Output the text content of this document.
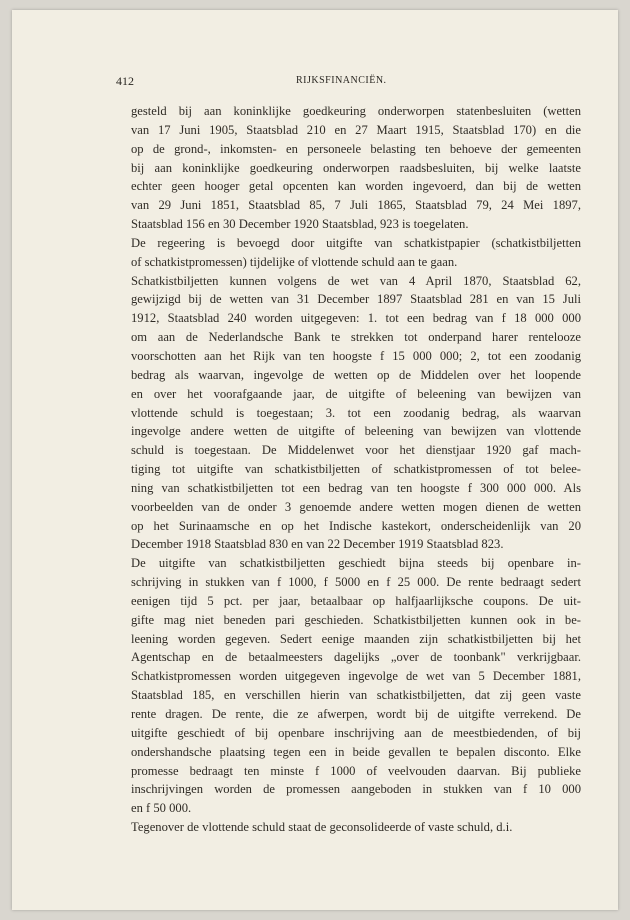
412	RIJKSFINANCIËN.
gesteld bij aan koninklijke goedkeuring onderworpen statenbesluiten (wetten
van 17 Juni 1905, Staatsblad 210 en 27 Maart 1915, Staatsblad 170) en die
op de grond-, inkomsten- en personeele belasting ten behoeve der gemeenten
bij aan koninklijke goedkeuring onderworpen raadsbesluiten, bij welke laatste
echter geen hooger getal opcenten kan worden ingevoerd, dan bij de wetten
van 29 Juni 1851, Staatsblad 85, 7 Juli 1865, Staatsblad 79, 24 Mei 1897,
Staatsblad 156 en 30 December 1920 Staatsblad, 923 is toegelaten.
De regeering is bevoegd door uitgifte van schatkistpapier (schatkistbiljetten
of schatkistpromessen) tijdelijke of vlottende schuld aan te gaan.
Schatkistbiljetten kunnen volgens de wet van 4 April 1870, Staatsblad 62,
gewijzigd bij de wetten van 31 December 1897 Staatsblad 281 en van 15 Juli
1912, Staatsblad 240 worden uitgegeven: 1. tot een bedrag van f 18 000 000
om aan de Nederlandsche Bank te strekken tot onderpand harer rentelooze
voorschotten aan het Rijk van ten hoogste f 15 000 000; 2, tot een zoodanig
bedrag als waarvan, ingevolge de wetten op de Middelen over het loopende
en over het voorafgaande jaar, de uitgifte of beleening van bewijzen van
vlottende schuld is toegestaan; 3. tot een zoodanig bedrag, als waarvan
ingevolge andere wetten de uitgifte of beleening van bewijzen van vlottende
schuld is toegestaan. De Middelenwet voor het dienstjaar 1920 gaf mach-
tiging tot uitgifte van schatkistbiljetten of schatkistpromessen of tot belee-
ning van schatkistbiljetten tot een bedrag van ten hoogste f 300 000 000. Als
voorbeelden van de onder 3 genoemde andere wetten mogen dienen de wetten
op het Surinaamsche en op het Indische kastekort, onderscheidenlijk van 20
December 1918 Staatsblad 830 en van 22 December 1919 Staatsblad 823.
De uitgifte van schatkistbiljetten geschiedt bijna steeds bij openbare in-
schrijving in stukken van f 1000, f 5000 en f 25 000. De rente bedraagt sedert
eenigen tijd 5 pct. per jaar, betaalbaar op halfjaarlijksche coupons. De uit-
gifte mag niet beneden pari geschieden. Schatkistbiljetten kunnen ook in be-
leening worden gegeven. Sedert eenige maanden zijn schatkistbiljetten bij het
Agentschap en de betaalmeesters dagelijks „over de toonbank" verkrijgbaar.
Schatkistpromessen worden uitgegeven ingevolge de wet van 5 December 1881,
Staatsblad 185, en verschillen hierin van schatkistbiljetten, dat zij geen vaste
rente dragen. De rente, die ze afwerpen, wordt bij de uitgifte verrekend. De
uitgifte geschiedt of bij openbare inschrijving aan de meestbiedenden, of bij
ondershandsche plaatsing tegen een in beide gevallen te bepalen disconto. Elke
promesse bedraagt ten minste f 1000 of veelvouden daarvan. Bij publieke
inschrijvingen worden de promessen aangeboden in stukken van f 10 000
en f 50 000.
Tegenover de vlottende schuld staat de geconsolideerde of vaste schuld, d.i.
